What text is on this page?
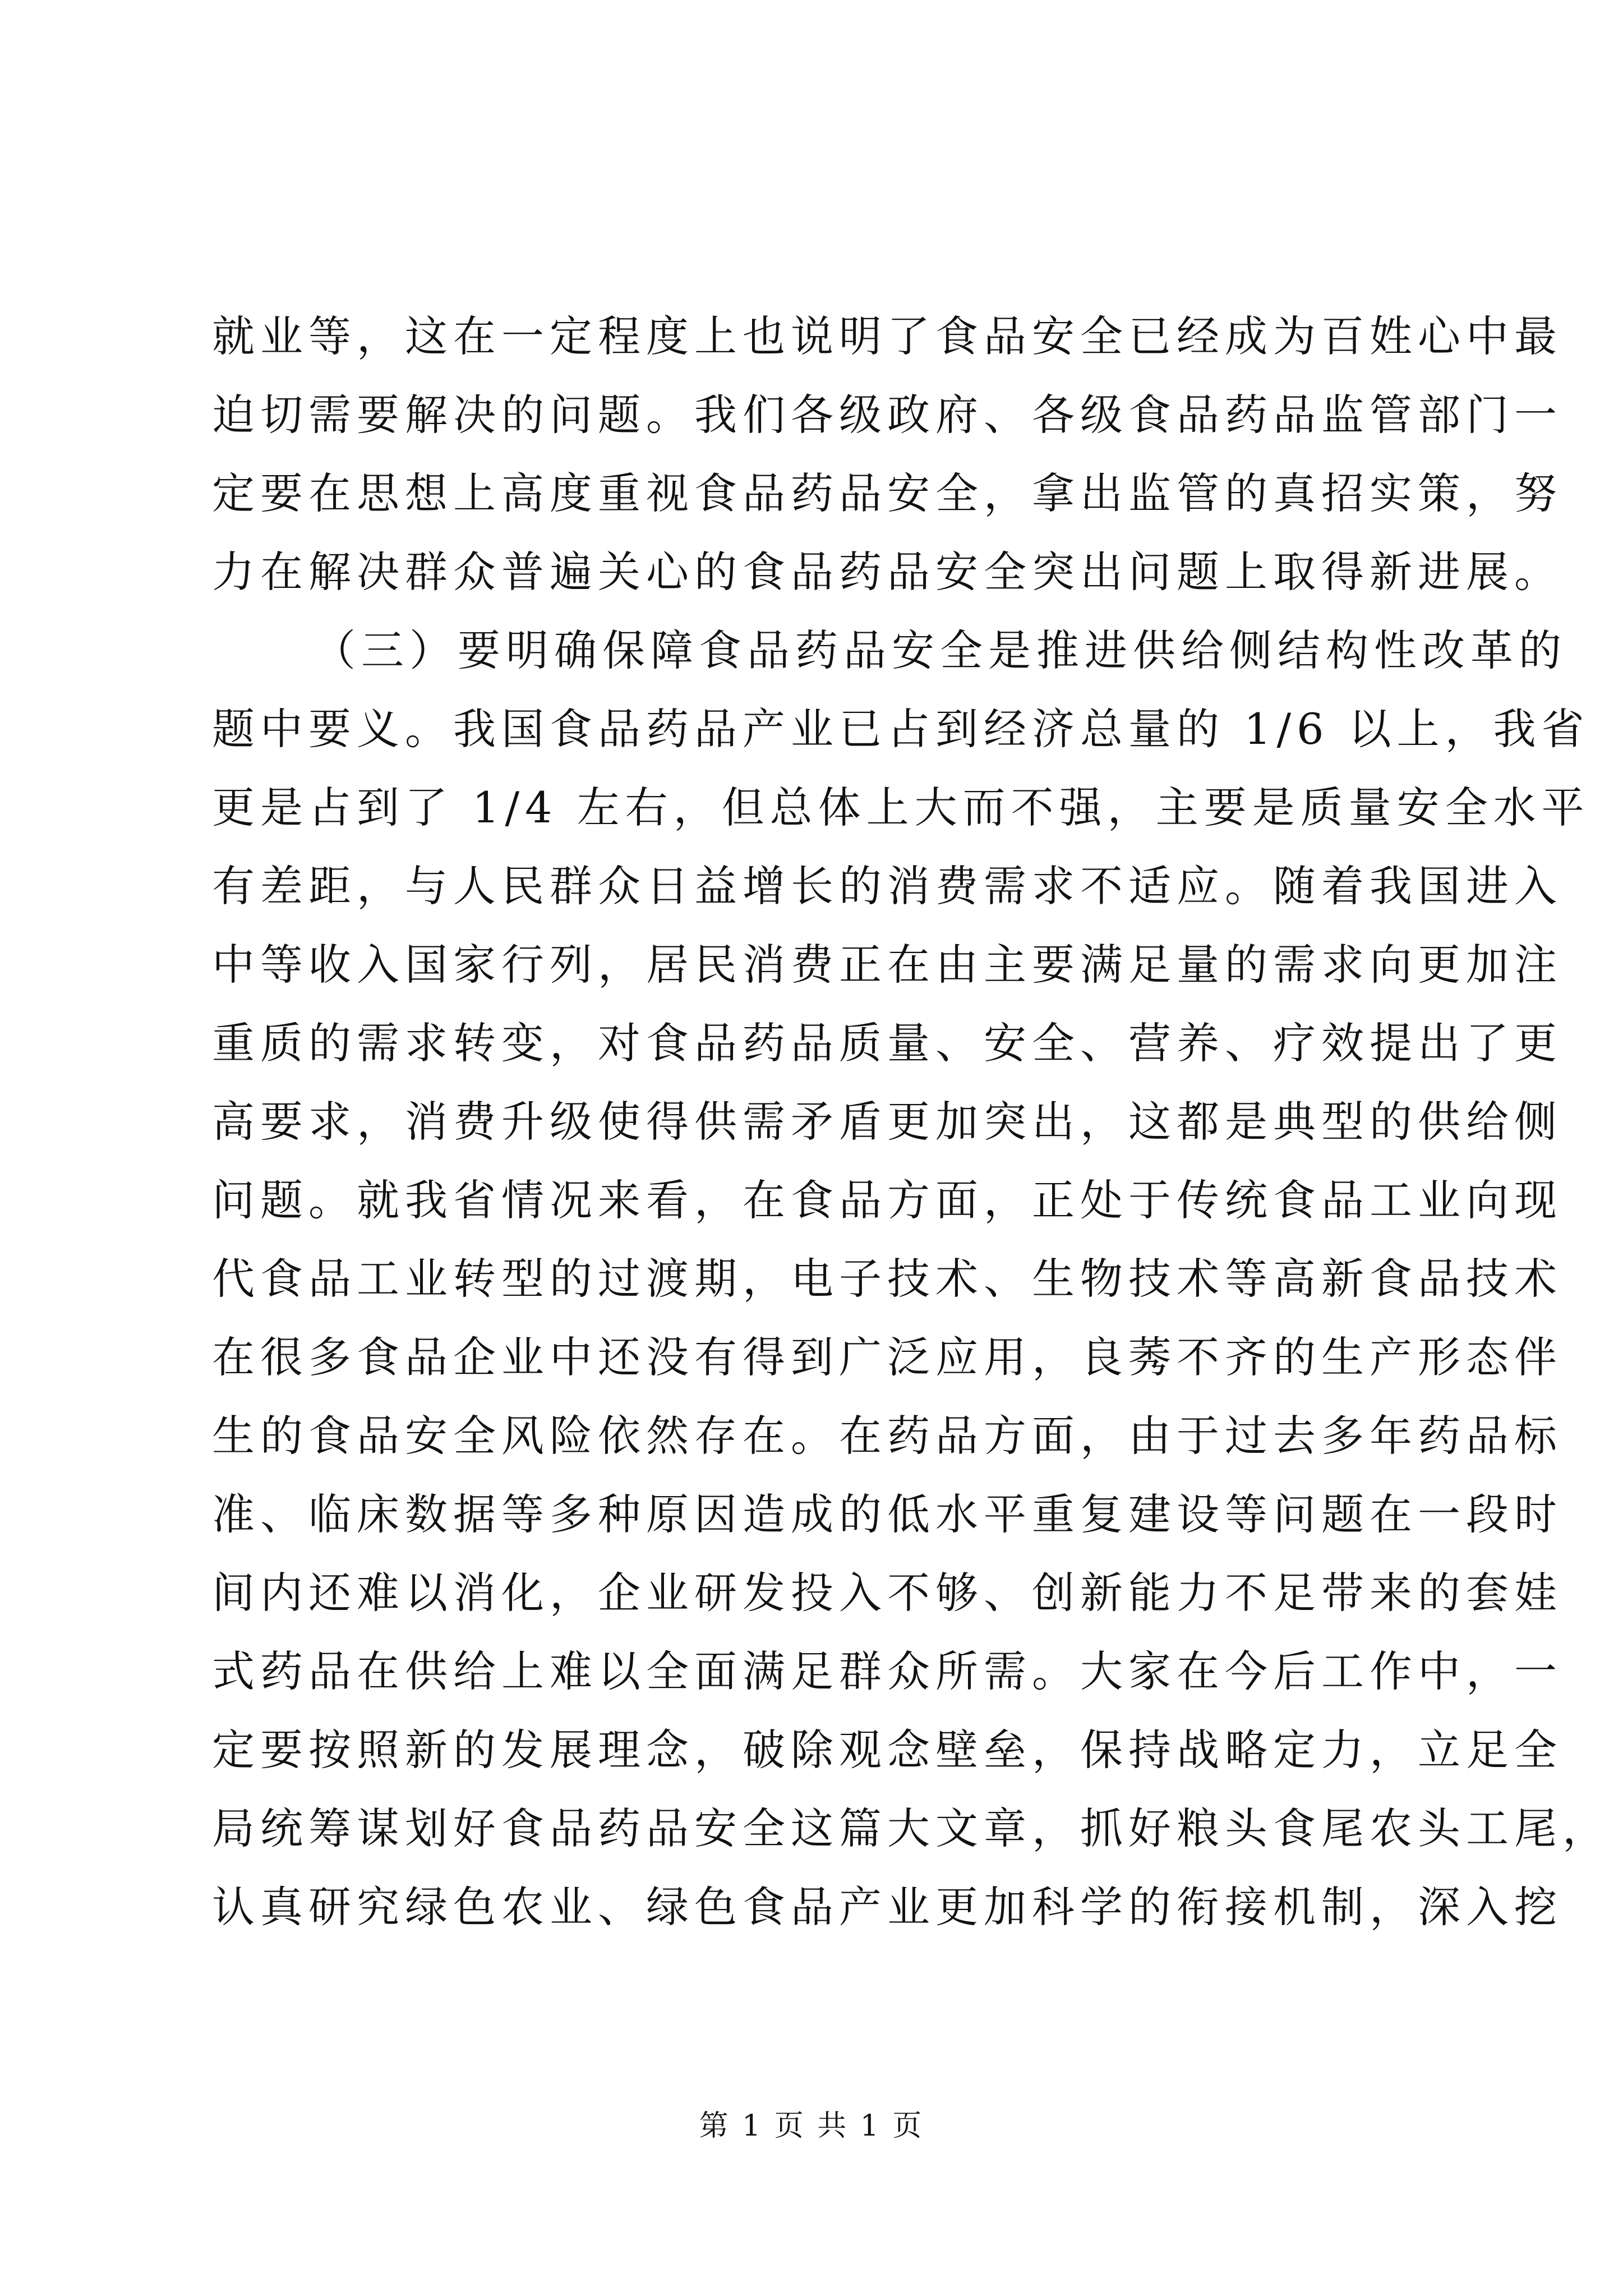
就业等，这在一定程度上也说明了食品安全已经成为百姓心中最
迫切需要解决的问题。我们各级政府、各级食品药品监管部门一
定要在思想上高度重视食品药品安全，拿出监管的真招实策，努
力在解决群众普遍关心的食品药品安全突出问题上取得新进展。
（三）要明确保障食品药品安全是推进供给侧结构性改革的
题中要义。我国食品药品产业已占到经济总量的 1/6 以上，我省
更是占到了 1/4 左右，但总体上大而不强，主要是质量安全水平
有差距，与人民群众日益增长的消费需求不适应。随着我国进入
中等收入国家行列，居民消费正在由主要满足量的需求向更加注
重质的需求转变，对食品药品质量、安全、营养、疗效提出了更
高要求，消费升级使得供需矛盾更加突出，这都是典型的供给侧
问题。就我省情况来看，在食品方面，正处于传统食品工业向现
代食品工业转型的过渡期，电子技术、生物技术等高新食品技术
在很多食品企业中还没有得到广泛应用，良莠不齐的生产形态伴
生的食品安全风险依然存在。在药品方面，由于过去多年药品标
准、临床数据等多种原因造成的低水平重复建设等问题在一段时
间内还难以消化，企业研发投入不够、创新能力不足带来的套娃
式药品在供给上难以全面满足群众所需。大家在今后工作中，一
定要按照新的发展理念，破除观念壁垒，保持战略定力，立足全
局统筹谋划好食品药品安全这篇大文章，抓好粮头食尾农头工尾，
认真研究绿色农业、绿色食品产业更加科学的衔接机制，深入挖
第 1 页 共 1 页
